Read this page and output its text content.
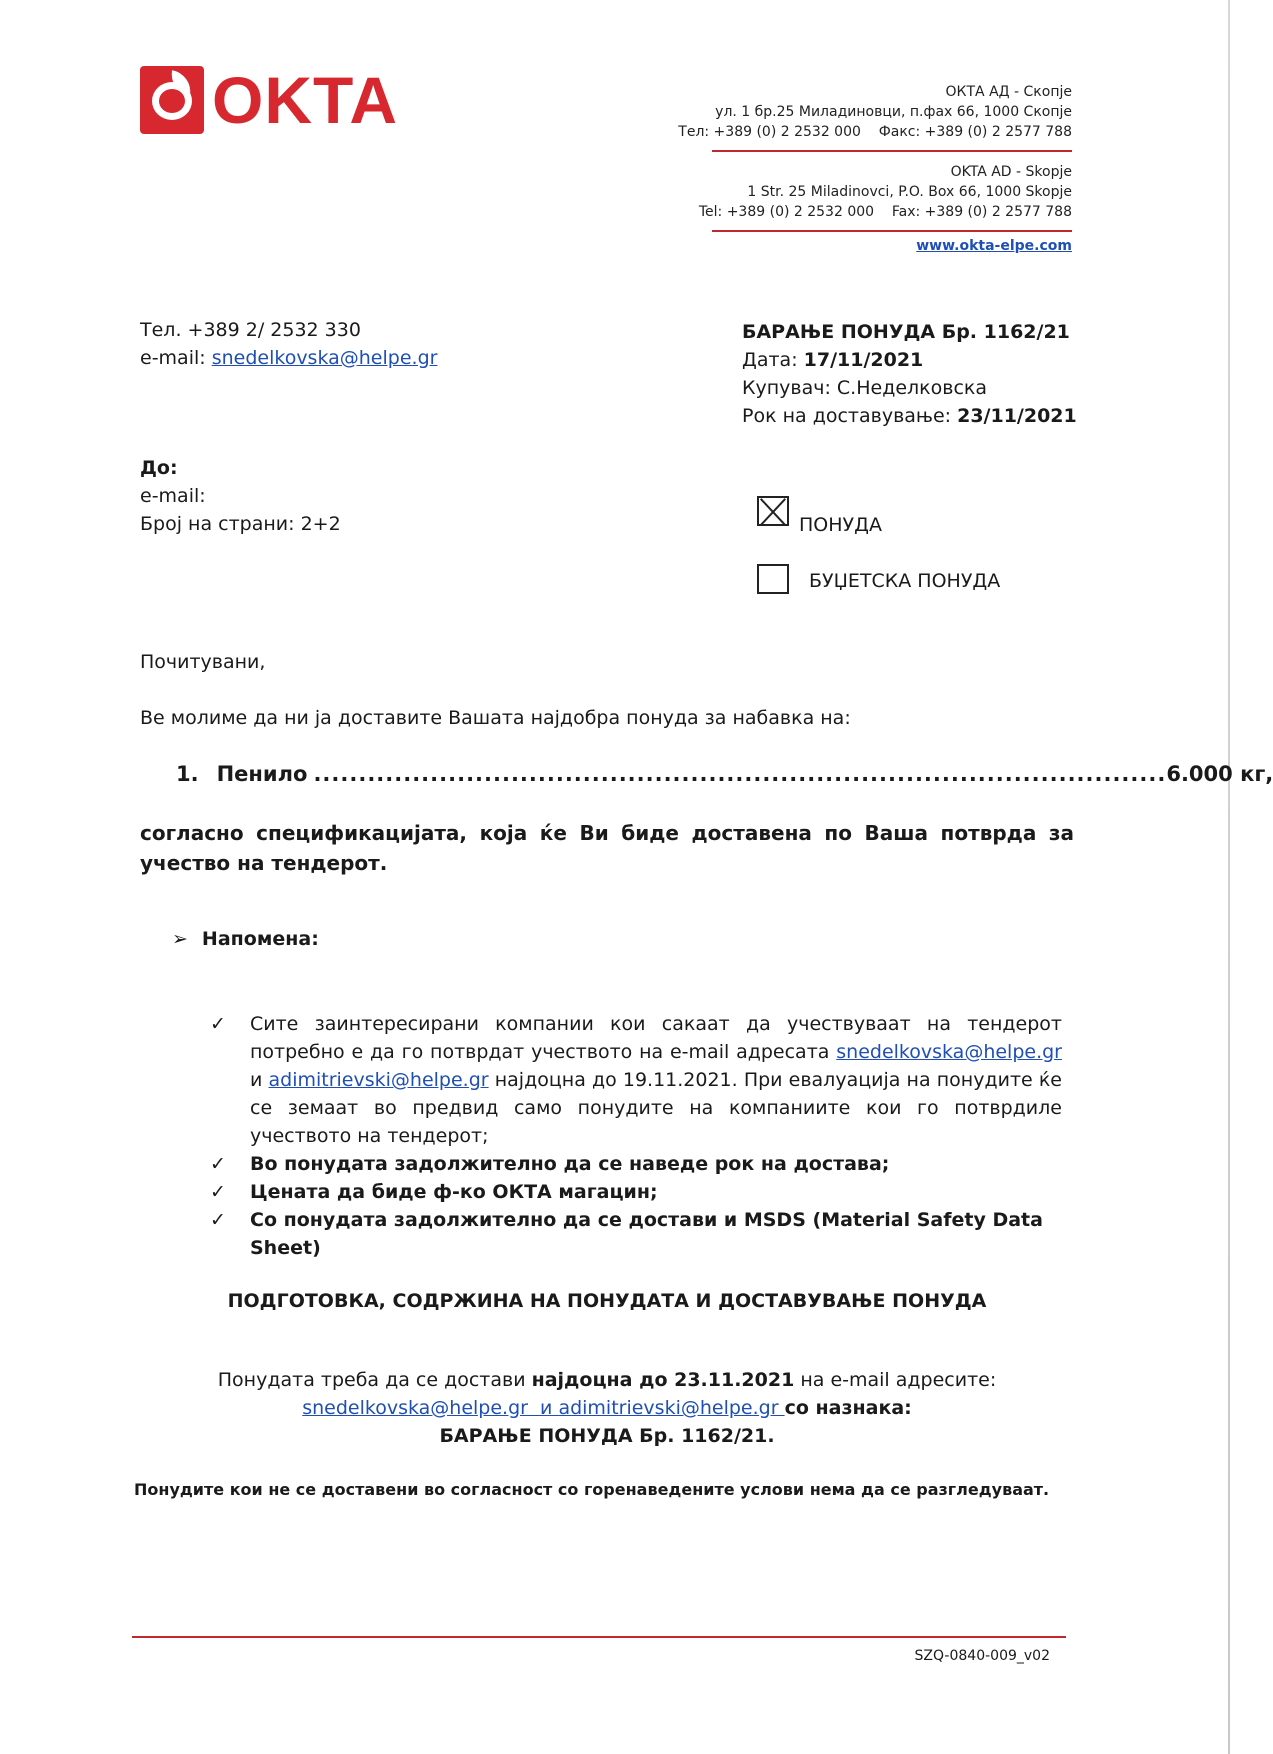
OKTA	ОКТА АД - Скопје
ул. 1 бр.25 Миладиновци, п.фах 66, 1000 Скопје
Тел: +389 (0) 2 2532 000    Факс: +389 (0) 2 2577 788
OKTA AD - Skopje
1 Str. 25 Miladinovci, P.O. Box 66, 1000 Skopje
Tel: +389 (0) 2 2532 000    Fax: +389 (0) 2 2577 788
www.okta-elpe.com
Тел. +389 2/ 2532 330
e-mail: snedelkovska@helpe.gr
БАРАЊЕ ПОНУДА Бр. 1162/21
Дата: 17/11/2021
Купувач: С.Неделковска
Рок на доставување: 23/11/2021
До:
e-mail:
Број на страни: 2+2	ПОНУДА
БУЏЕТСКА ПОНУДА
Почитувани,
Ве молиме да ни ја доставите Вашата најдобра понуда за набавка на:
1. Пенило ............................................................................................... 6.000 кг,
согласно спецификацијата, која ќе Ви биде доставена по Ваша потврда за учество на тендерот.
➢ Напомена:
✓ Сите заинтересирани компании кои сакаат да учествуваат на тендерот потребно е да го потврдат учеството на e-mail адресата snedelkovska@helpe.gr и adimitrievski@helpe.gr најдоцна до 19.11.2021. При евалуација на понудите ќе се земаат во предвид само понудите на компаниите кои го потврдиле учеството на тендерот;
✓ Во понудата задолжително да се наведе рок на достава;
✓ Цената да биде ф-ко ОКТА магацин;
✓ Со понудата задолжително да се достави и MSDS (Material Safety Data Sheet)
ПОДГОТОВКА, СОДРЖИНА НА ПОНУДАТА И ДОСТАВУВАЊЕ ПОНУДА
Понудата треба да се достави најдоцна до 23.11.2021 на e-mail адресите:
snedelkovska@helpe.gr  и adimitrievski@helpe.gr со назнака:
БАРАЊЕ ПОНУДА Бр. 1162/21.
Понудите кои не се доставени во согласност со горенаведените услови нема да се разгледуваат.
SZQ-0840-009_v02
